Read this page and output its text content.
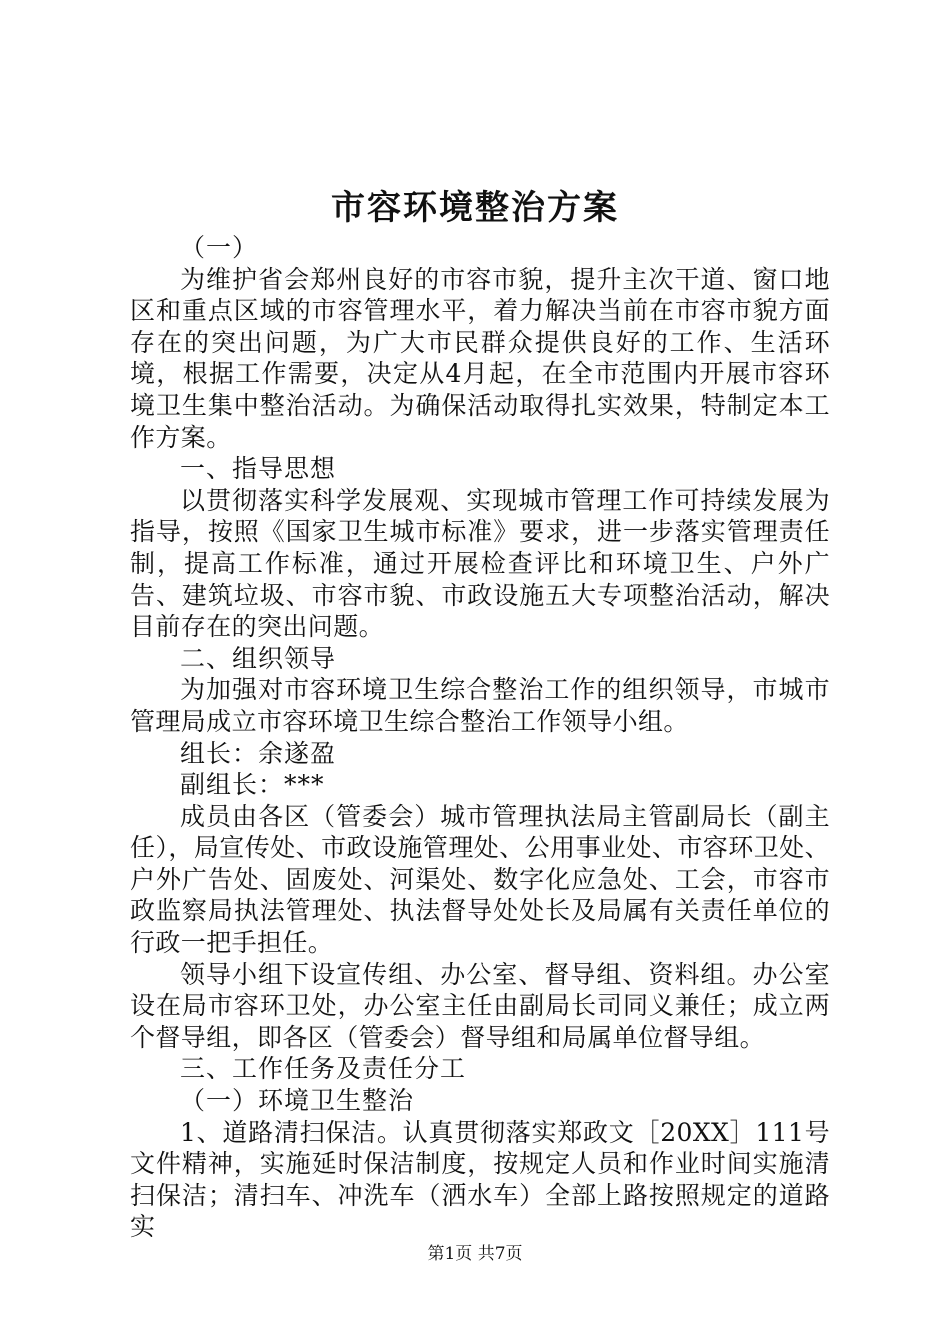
市容环境整治方案

（一）

为维护省会郑州良好的市容市貌，提升主次干道、窗口地区和重点区域的市容管理水平，着力解决当前在市容市貌方面存在的突出问题，为广大市民群众提供良好的工作、生活环境，根据工作需要，决定从4月起，在全市范围内开展市容环境卫生集中整治活动。为确保活动取得扎实效果，特制定本工作方案。

一、指导思想

以贯彻落实科学发展观、实现城市管理工作可持续发展为指导，按照《国家卫生城市标准》要求，进一步落实管理责任制，提高工作标准，通过开展检查评比和环境卫生、户外广告、建筑垃圾、市容市貌、市政设施五大专项整治活动，解决目前存在的突出问题。

二、组织领导

为加强对市容环境卫生综合整治工作的组织领导，市城市管理局成立市容环境卫生综合整治工作领导小组。

组长：余遂盈

副组长：***

成员由各区（管委会）城市管理执法局主管副局长（副主任），局宣传处、市政设施管理处、公用事业处、市容环卫处、户外广告处、固废处、河渠处、数字化应急处、工会，市容市政监察局执法管理处、执法督导处处长及局属有关责任单位的行政一把手担任。

领导小组下设宣传组、办公室、督导组、资料组。办公室设在局市容环卫处，办公室主任由副局长司同义兼任；成立两个督导组，即各区（管委会）督导组和局属单位督导组。

三、工作任务及责任分工

（一）环境卫生整治

1、道路清扫保洁。认真贯彻落实郑政文［20XX］111号文件精神，实施延时保洁制度，按规定人员和作业时间实施清扫保洁；清扫车、冲洗车（洒水车）全部上路按照规定的道路实

第1页 共7页
